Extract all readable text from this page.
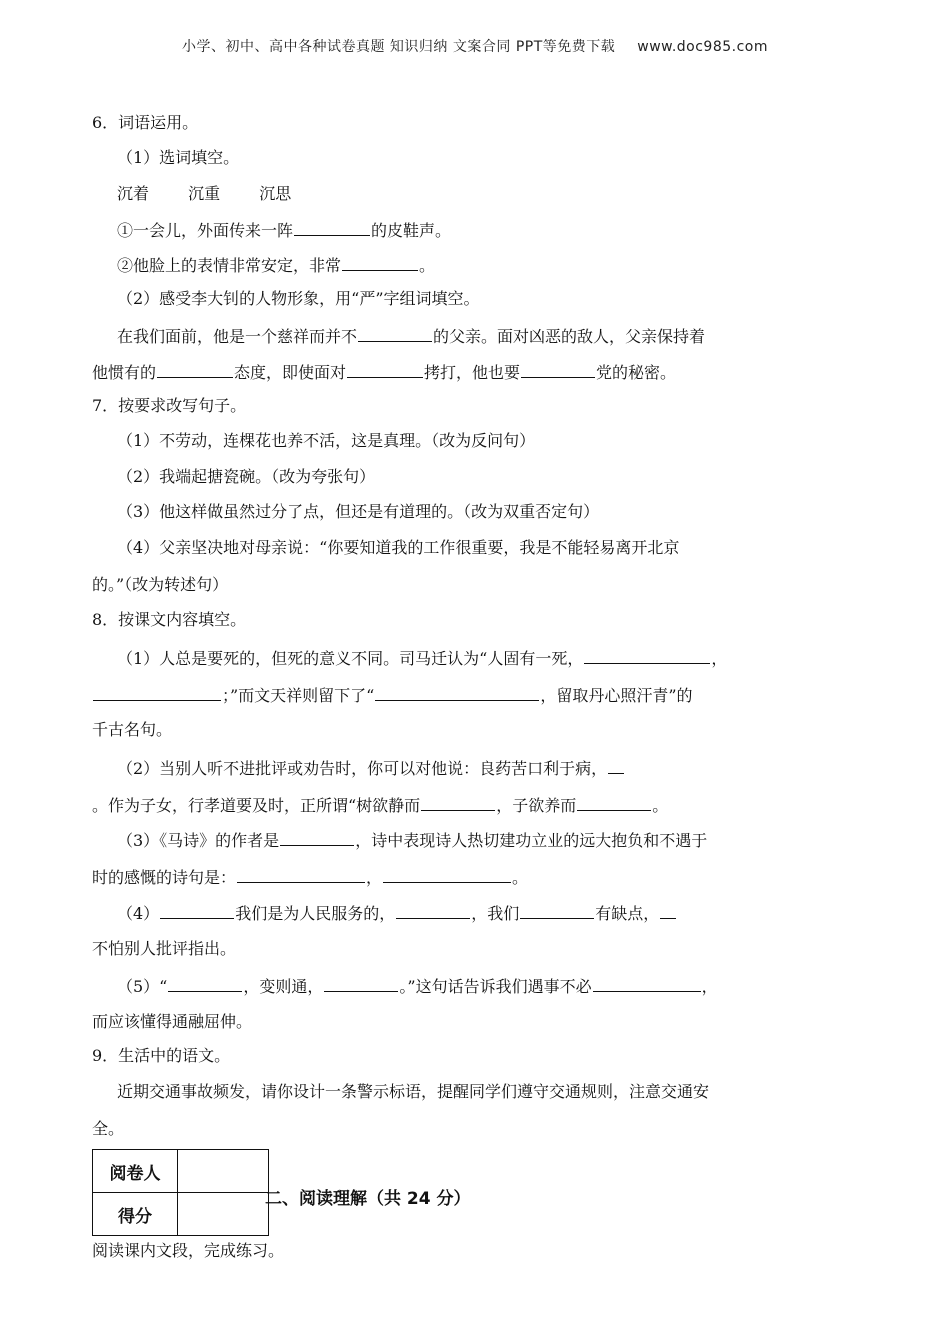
小学、初中、高中各种试卷真题 知识归纳 文案合同 PPT等免费下载 www.doc985.com
6．词语运用。
（1）选词填空。
沉着 沉重 沉思
①一会儿，外面传来一阵	的皮鞋声。
②他脸上的表情非常安定，非常	。
（2）感受李大钊的人物形象，用“严”字组词填空。
在我们面前，他是一个慈祥而并不	的父亲。面对凶恶的敌人，父亲保持着
他惯有的	态度，即使面对	拷打，他也要	党的秘密。
7．按要求改写句子。
（1）不劳动，连棵花也养不活，这是真理。（改为反问句）
（2）我端起搪瓷碗。（改为夸张句）
（3）他这样做虽然过分了点，但还是有道理的。（改为双重否定句）
（4）父亲坚决地对母亲说：“你要知道我的工作很重要，我是不能轻易离开北京
的。”（改为转述句）
8．按课文内容填空。
（1）人总是要死的，但死的意义不同。司马迁认为“人固有一死，	，
；”而文天祥则留下了“	，留取丹心照汗青”的
千古名句。
（2）当别人听不进批评或劝告时，你可以对他说：良药苦口利于病，
。作为子女，行孝道要及时，正所谓“树欲静而	，子欲养而	。
（3）《马诗》的作者是	，诗中表现诗人热切建功立业的远大抱负和不遇于
时的感慨的诗句是：	，	。
（4）	我们是为人民服务的，	，我们	有缺点，
不怕别人批评指出。
（5）“	，变则通，	。”这句话告诉我们遇事不必	，
而应该懂得通融屈伸。
9．生活中的语文。
近期交通事故频发，请你设计一条警示标语，提醒同学们遵守交通规则，注意交通安
全。
阅卷人	
得分	
二、阅读理解（共 24 分）
阅读课内文段，完成练习。
